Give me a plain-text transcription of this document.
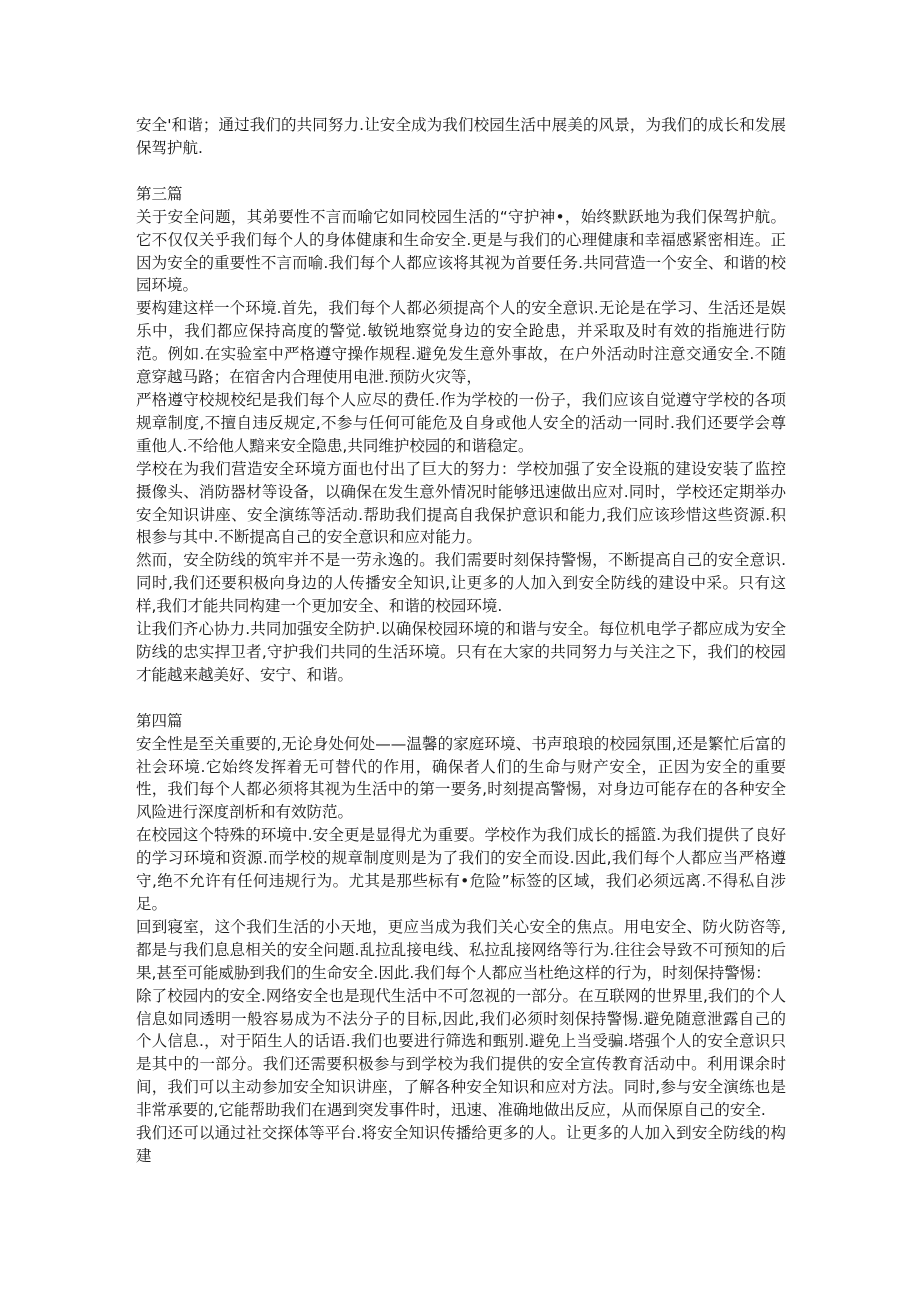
安全'和谐；通过我们的共同努力.让安全成为我们校园生活中展美的风景，为我们的成长和发展保驾护航.

第三篇

关于安全问题，其弟要性不言而喻它如同校园生活的“守护神•，始终默跃地为我们保驾护航。它不仅仅关乎我们每个人的身体健康和生命安全.更是与我们的心理健康和幸福感紧密相连。正因为安全的重要性不言而喻.我们每个人都应该将其视为首要任务.共同营造一个安全、和谐的校园环境。

要构建这样一个环境.首先，我们每个人都必须提高个人的安全意识.无论是在学习、生活还是娱乐中，我们都应保持高度的警觉.敏锐地察觉身边的安全跄患，并采取及时有效的指施进行防范。例如.在实验室中严格遵守操作规程.避免发生意外事故，在户外活动时注意交通安全.不随意穿越马路；在宿舍内合理使用电泄.预防火灾等，

严格遵守校规校纪是我们每个人应尽的费任.作为学校的一份子，我们应该自觉遵守学校的各项规章制度,不擅自违反规定,不参与任何可能危及自身或他人安全的活动一同时.我们还要学会尊重他人.不给他人黯来安全隐患,共同维护校园的和谐稳定。

学校在为我们营造安全环境方面也付出了巨大的努力：学校加强了安全设瓶的建设安装了监控摄像头、消防器材等设备，以确保在发生意外情况时能够迅速做出应对.同时，学校还定期举办安全知识讲座、安全演练等活动.帮助我们提高自我保护意识和能力,我们应该珍惜这些资源.积根参与其中.不断提高自己的安全意识和应对能力。

然而，安全防线的筑牢并不是一劳永逸的。我们需要时刻保持警惕，不断提高自己的安全意识.同时,我们还要积极向身边的人传播安全知识,让更多的人加入到安全防线的建设中采。只有这样,我们才能共同构建一个更加安全、和谐的校园环境.

让我们齐心协力.共同加强安全防护.以确保校园环境的和谐与安全。每位机电学子都应成为安全防线的忠实捍卫者,守护我们共同的生活环境。只有在大家的共同努力与关注之下，我们的校园才能越来越美好、安宁、和谐。

第四篇

安全性是至关重要的,无论身处何处——温馨的家庭环境、书声琅琅的校园氛围,还是繁忙后富的社会环境.它始终发挥着无可替代的作用，确保者人们的生命与财产安全，正因为安全的重要性，我们每个人都必须将其视为生活中的第一要务,时刻提高警惕，对身边可能存在的各种安全风险进行深度剖析和有效防范。

在校园这个特殊的环境中.安全更是显得尤为重要。学校作为我们成长的摇篮.为我们提供了良好的学习环境和资源.而学校的规章制度则是为了我们的安全而设.因此,我们每个人都应当严格遵守,绝不允许有任何违规行为。尤其是那些标有•危险”标签的区域，我们必须远离.不得私自涉足。

回到寝室，这个我们生活的小天地，更应当成为我们关心安全的焦点。用电安全、防火防咨等,都是与我们息息相关的安全问题.乱拉乱接电线、私拉乱接网络等行为.往往会导致不可预知的后果,甚至可能威胁到我们的生命安全.因此.我们每个人都应当杜绝这样的行为，时刻保持警惕：

除了校园内的安全.网络安全也是现代生活中不可忽视的一部分。在互联网的世界里,我们的个人信息如同透明一般容易成为不法分子的目标,因此,我们必须时刻保持警惕.避免随意泄露自己的个人信息.，对于陌生人的话语.我们也要进行筛选和甄别.避免上当受骗.塔强个人的安全意识只是其中的一部分。我们还需要积极参与到学校为我们提供的安全宣传教育活动中。利用课余时间，我们可以主动参加安全知识讲座，了解各种安全知识和应对方法。同时,参与安全演练也是非常承要的,它能帮助我们在遇到突发事件时，迅速、准确地做出反应，从而保原自己的安全.

我们还可以通过社交探体等平台.将安全知识传播给更多的人。让更多的人加入到安全防线的构建
